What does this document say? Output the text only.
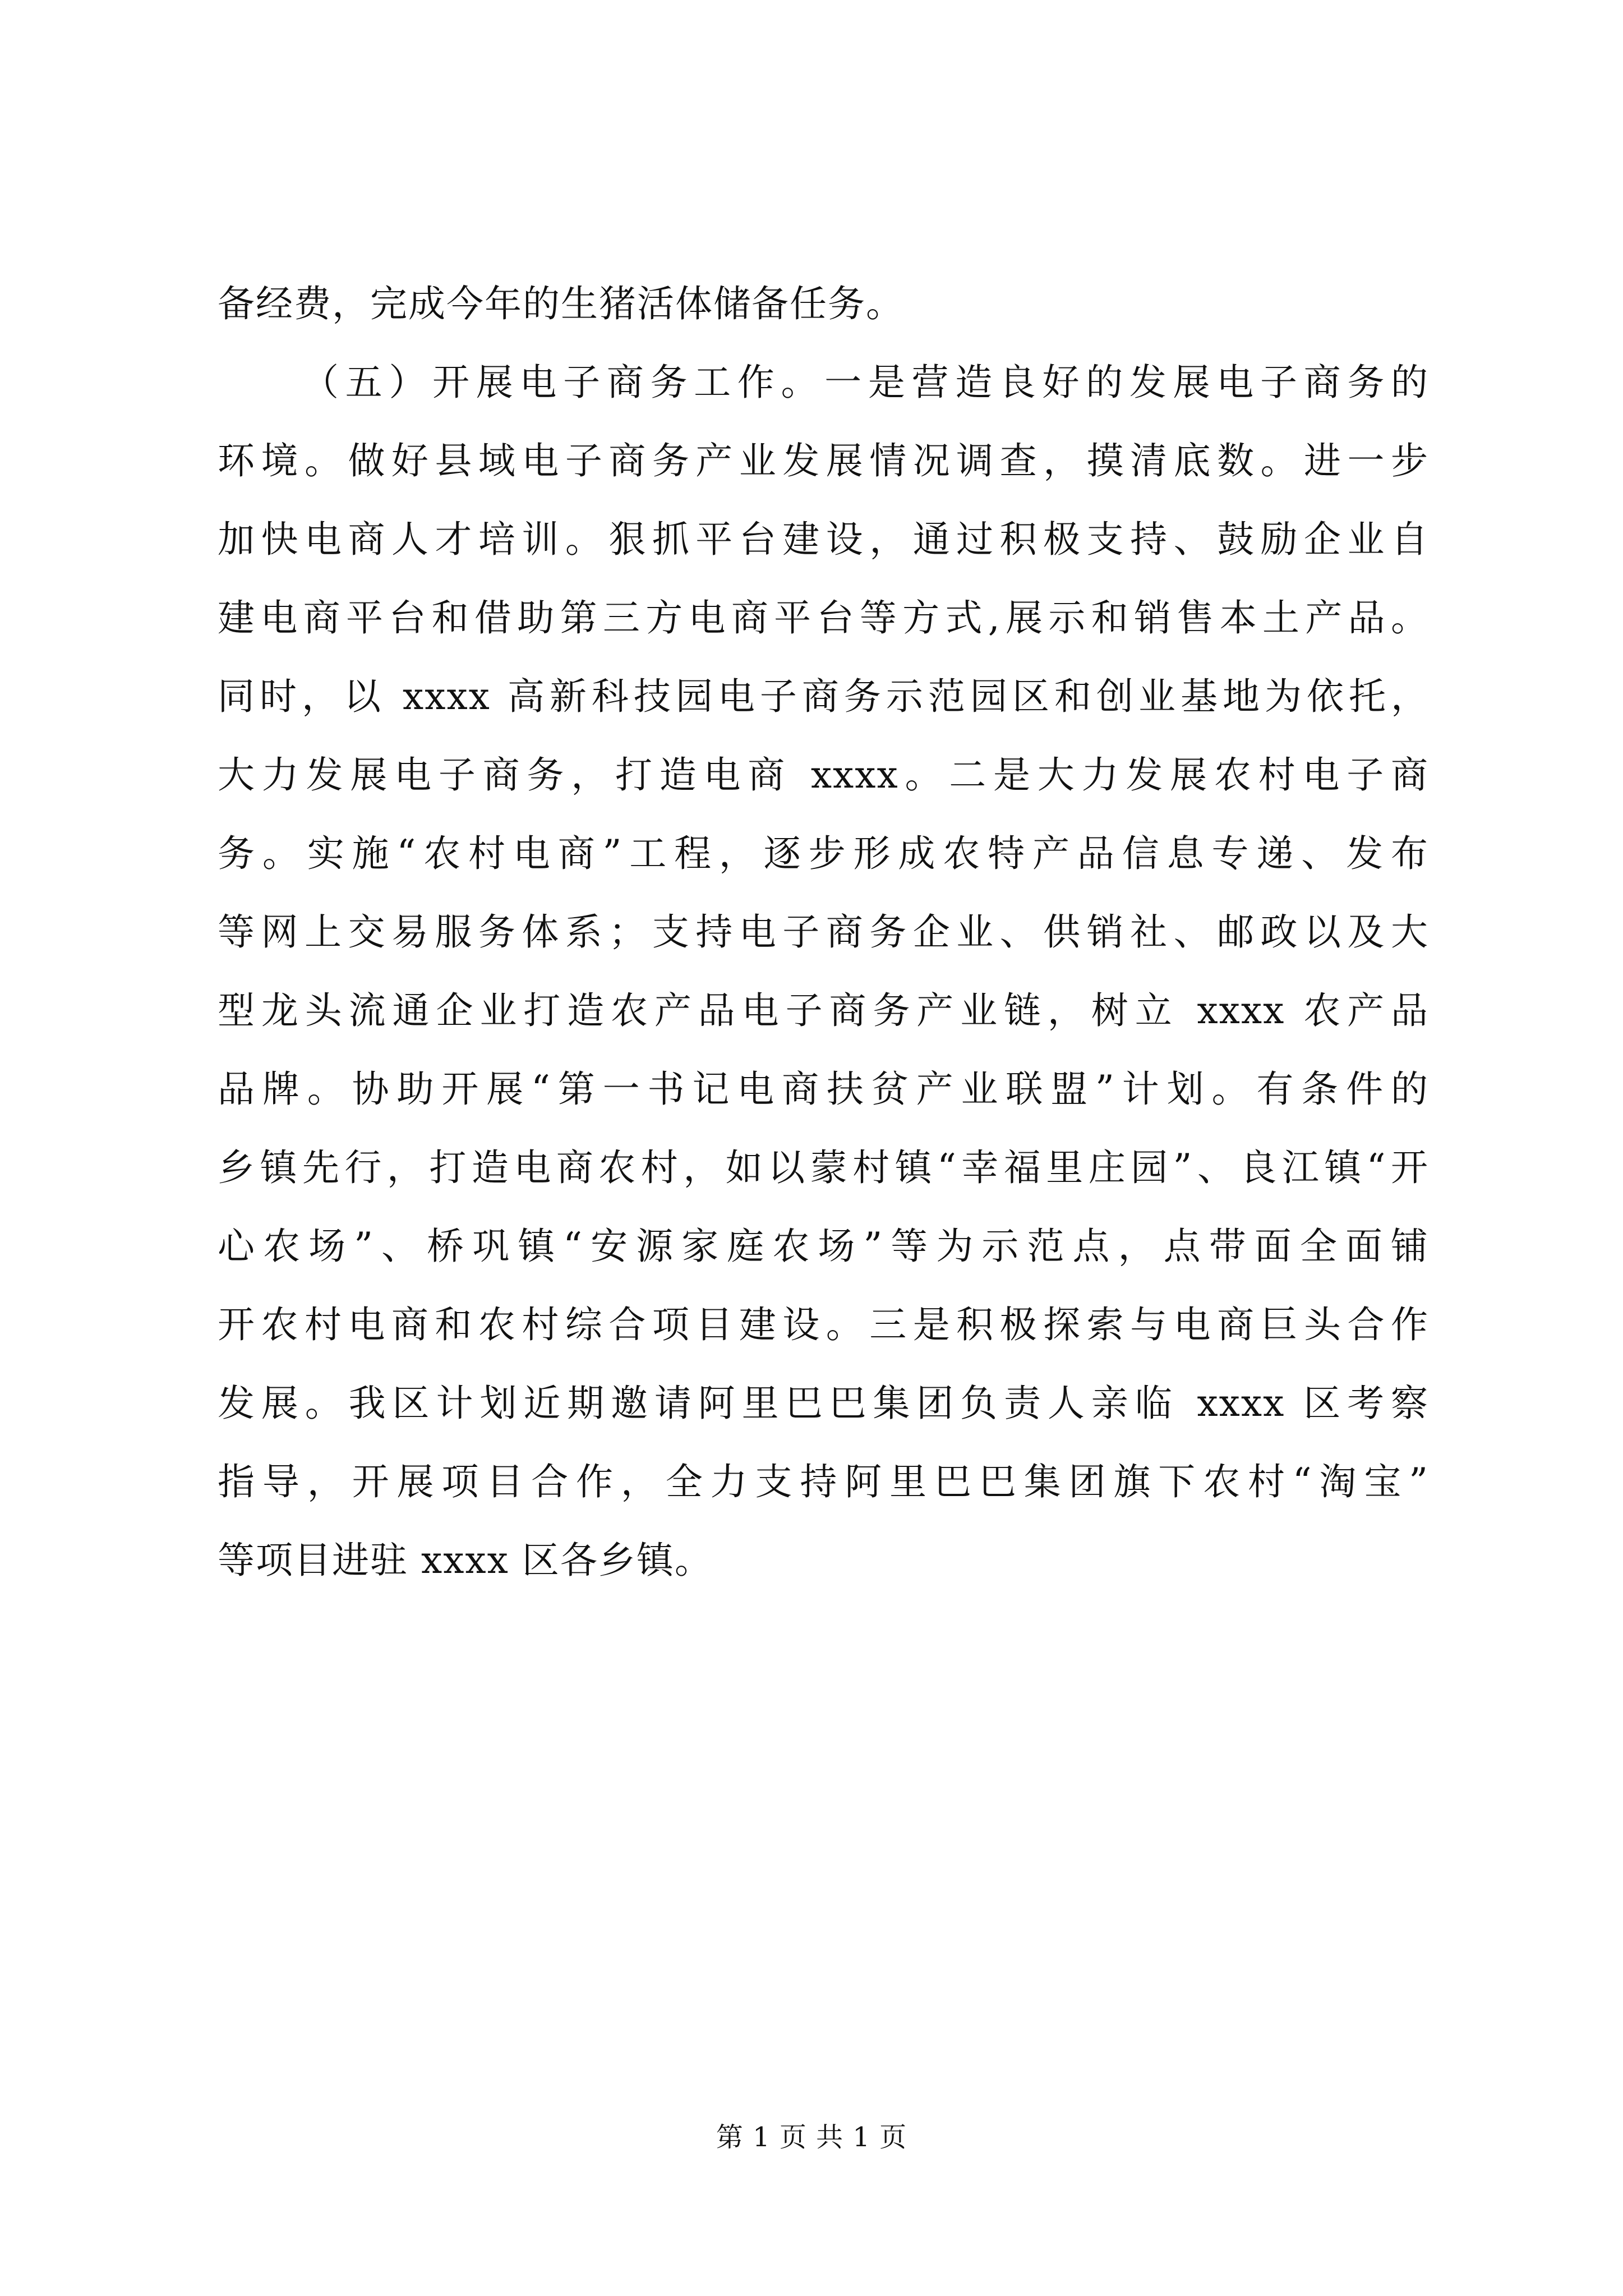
备经费，完成今年的生猪活体储备任务。
（五）开展电子商务工作。一是营造良好的发展电子商务的
环境。做好县域电子商务产业发展情况调查，摸清底数。进一步
加快电商人才培训。狠抓平台建设，通过积极支持、鼓励企业自
建电商平台和借助第三方电商平台等方式,展示和销售本土产品。
同时，以 xxxx 高新科技园电子商务示范园区和创业基地为依托，
大力发展电子商务，打造电商 xxxx。二是大力发展农村电子商
务。实施“农村电商”工程，逐步形成农特产品信息专递、发布
等网上交易服务体系；支持电子商务企业、供销社、邮政以及大
型龙头流通企业打造农产品电子商务产业链，树立 xxxx 农产品
品牌。协助开展“第一书记电商扶贫产业联盟”计划。有条件的
乡镇先行，打造电商农村，如以蒙村镇“幸福里庄园”、良江镇“开
心农场”、桥巩镇“安源家庭农场”等为示范点，点带面全面铺
开农村电商和农村综合项目建设。三是积极探索与电商巨头合作
发展。我区计划近期邀请阿里巴巴集团负责人亲临 xxxx 区考察
指导，开展项目合作，全力支持阿里巴巴集团旗下农村“淘宝”
等项目进驻 xxxx 区各乡镇。
第 1 页 共 1 页
